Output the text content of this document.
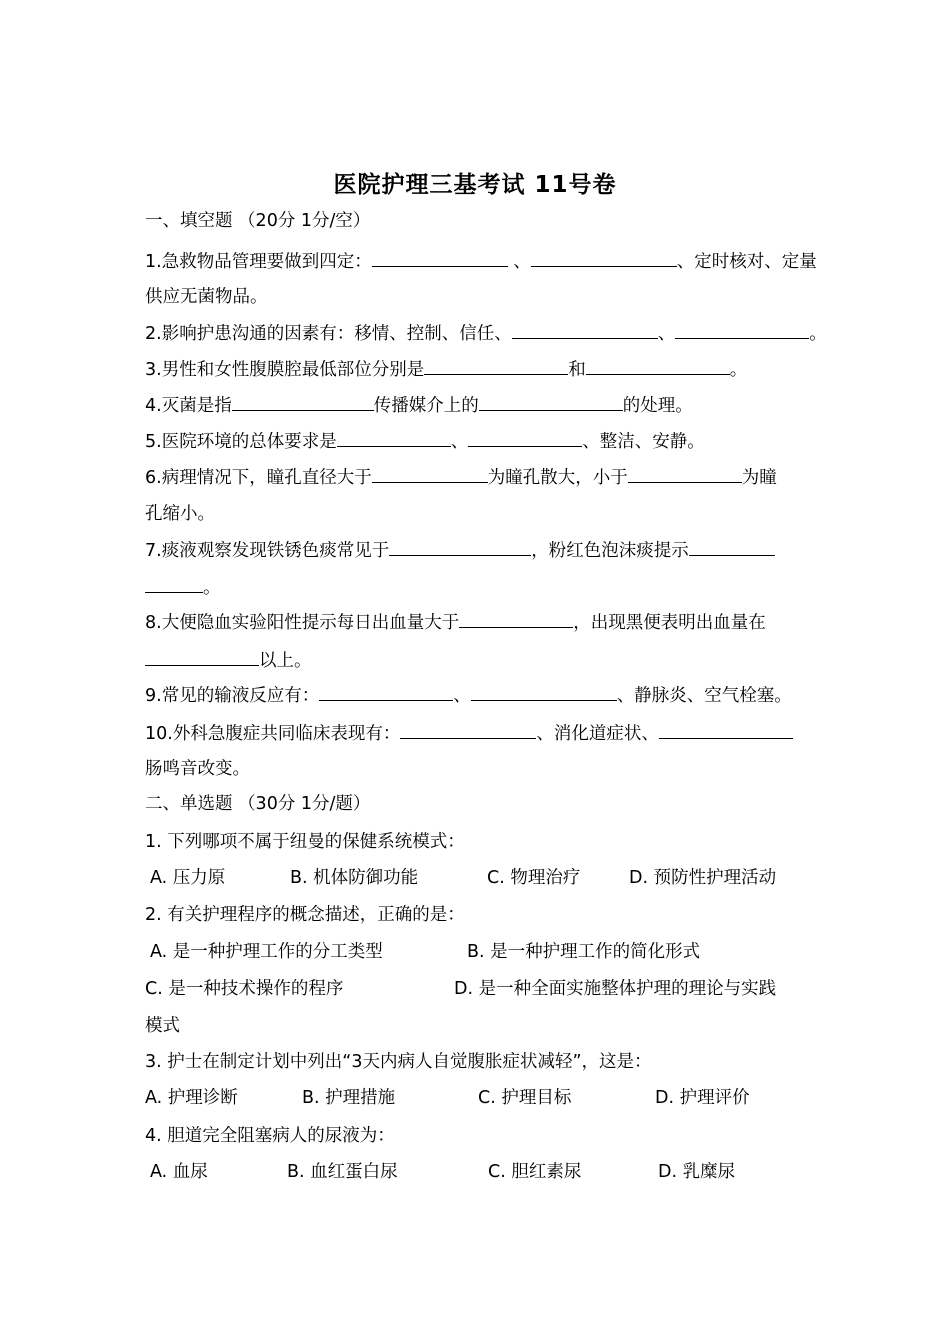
医院护理三基考试 11号卷
一、填空题 （20分 1分/空）
1.急救物品管理要做到四定：	、	、定时核对、定量
供应无菌物品。
2.影响护患沟通的因素有：移情、控制、信任、	、	。
3.男性和女性腹膜腔最低部位分别是	和	。
4.灭菌是指	传播媒介上的	的处理。
5.医院环境的总体要求是	、	、整洁、安静。
6.病理情况下，瞳孔直径大于	为瞳孔散大，小于	为瞳
孔缩小。
7.痰液观察发现铁锈色痰常见于	，粉红色泡沫痰提示
。
8.大便隐血实验阳性提示每日出血量大于	，出现黑便表明出血量在
以上。
9.常见的输液反应有：	、	、静脉炎、空气栓塞。
10.外科急腹症共同临床表现有：	、消化道症状、
肠鸣音改变。
二、单选题 （30分 1分/题）
1. 下列哪项不属于纽曼的保健系统模式：
A. 压力原	B. 机体防御功能	C. 物理治疗	D. 预防性护理活动
2. 有关护理程序的概念描述，正确的是：
A. 是一种护理工作的分工类型	B. 是一种护理工作的简化形式
C. 是一种技术操作的程序	D. 是一种全面实施整体护理的理论与实践
模式
3. 护士在制定计划中列出“3天内病人自觉腹胀症状减轻”，这是：
A. 护理诊断	B. 护理措施	C. 护理目标	D. 护理评价
4. 胆道完全阻塞病人的尿液为：
A. 血尿	B. 血红蛋白尿	C. 胆红素尿	D. 乳糜尿
